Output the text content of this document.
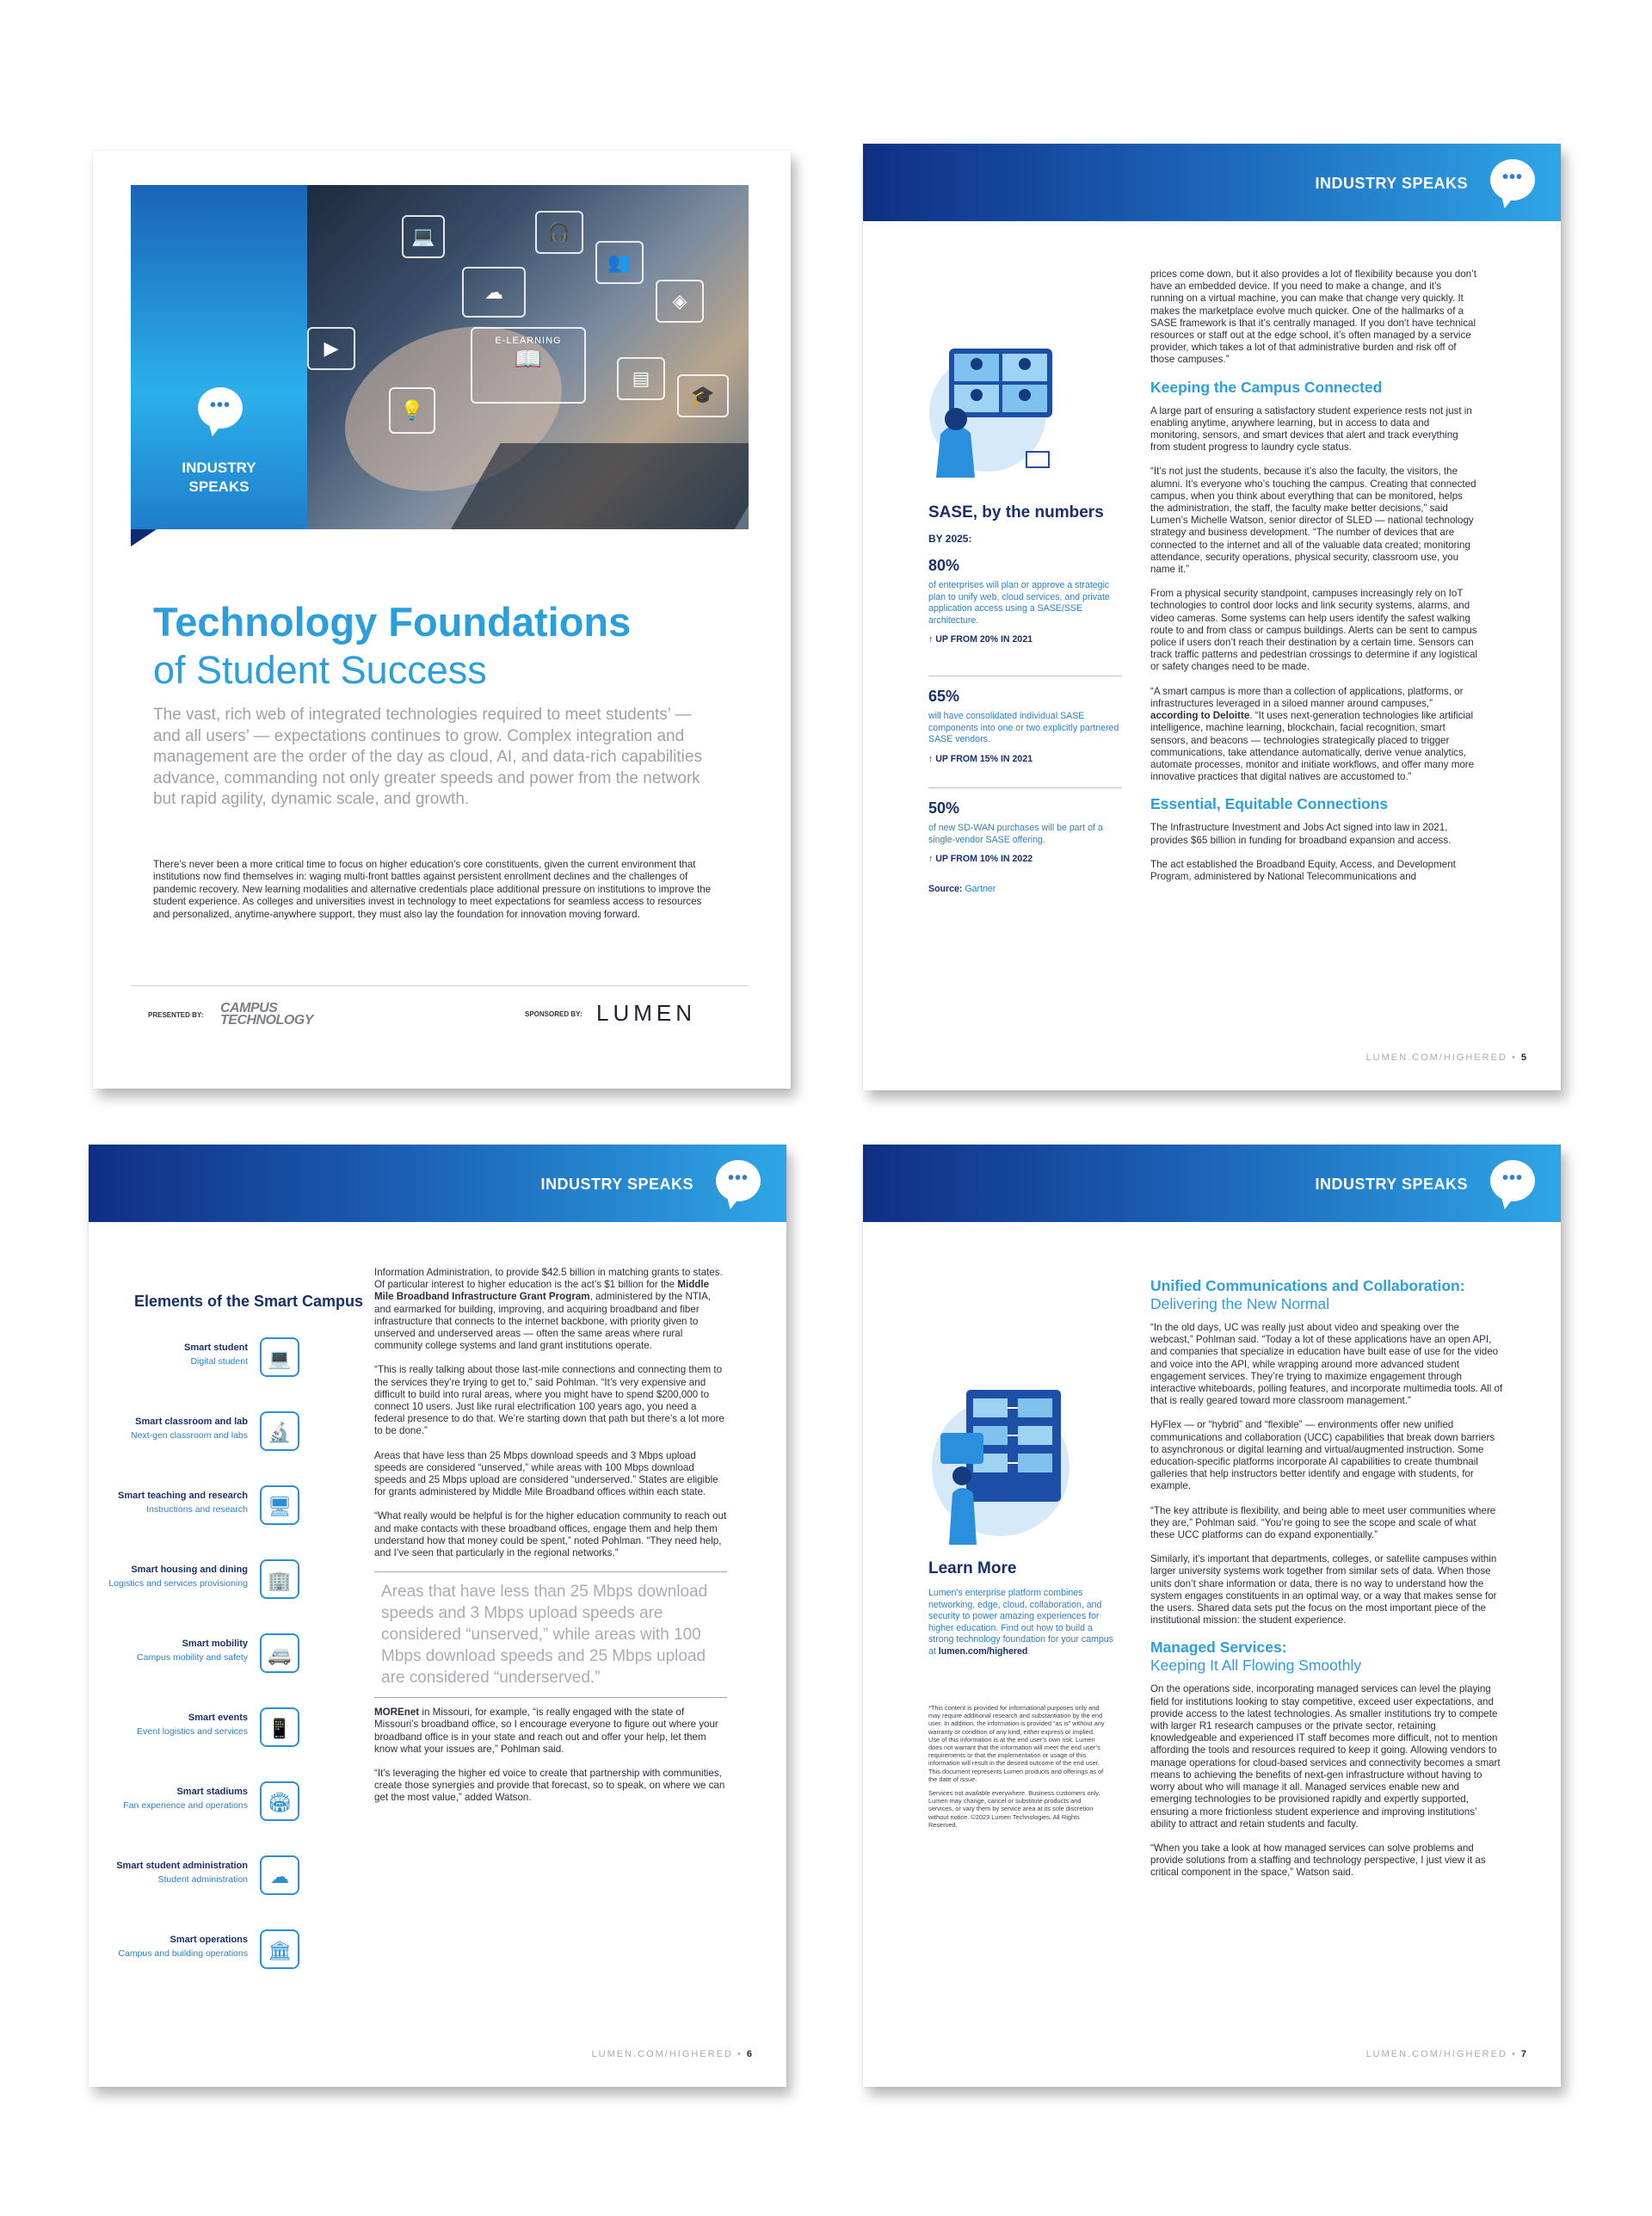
☁
🎧
E-LEARNING
📖
👥
◈
💡
▤
🎓
💻
▶
•••
INDUSTRY
SPEAKS
Technology Foundations
of Student Success
The vast, rich web of integrated technologies required to meet students’ — and all users’ — expectations continues to grow. Complex integration and management are the order of the day as cloud, AI, and data-rich capabilities advance, commanding not only greater speeds and power from the network but rapid agility, dynamic scale, and growth.
There’s never been a more critical time to focus on higher education’s core constituents, given the current environment that institutions now find themselves in: waging multi-front battles against persistent enrollment declines and the challenges of pandemic recovery. New learning modalities and alternative credentials place additional pressure on institutions to improve the student experience. As colleges and universities invest in technology to meet expectations for seamless access to resources and personalized, anytime-anywhere support, they must also lay the foundation for innovation moving forward.
PRESENTED BY: CAMPUS
TECHNOLOGY	SPONSORED BY: LUMEN
INDUSTRY SPEAKS	•••
SASE, by the numbers
BY 2025:
80%
of enterprises will plan or approve a strategic plan to unify web, cloud services, and private application access using a SASE/SSE architecture.
↑ UP FROM 20% IN 2021
65%
will have consolidated individual SASE components into one or two explicitly partnered SASE vendors.
↑ UP FROM 15% IN 2021
50%
of new SD-WAN purchases will be part of a single-vendor SASE offering.
↑ UP FROM 10% IN 2022
Source: Gartner

prices come down, but it also provides a lot of flexibility because you don’t have an embedded device. If you need to make a change, and it’s running on a virtual machine, you can make that change very quickly. It makes the marketplace evolve much quicker. One of the hallmarks of a SASE framework is that it’s centrally managed. If you don’t have technical resources or staff out at the edge school, it’s often managed by a service provider, which takes a lot of that administrative burden and risk off of those campuses.”

Keeping the Campus Connected

A large part of ensuring a satisfactory student experience rests not just in enabling anytime, anywhere learning, but in access to data and monitoring, sensors, and smart devices that alert and track everything from student progress to laundry cycle status.

“It’s not just the students, because it’s also the faculty, the visitors, the alumni. It’s everyone who’s touching the campus. Creating that connected campus, when you think about everything that can be monitored, helps the administration, the staff, the faculty make better decisions,” said Lumen’s Michelle Watson, senior director of SLED — national technology strategy and business development. “The number of devices that are connected to the internet and all of the valuable data created; monitoring attendance, security operations, physical security, classroom use, you name it.”

From a physical security standpoint, campuses increasingly rely on IoT technologies to control door locks and link security systems, alarms, and video cameras. Some systems can help users identify the safest walking route to and from class or campus buildings. Alerts can be sent to campus police if users don’t reach their destination by a certain time. Sensors can track traffic patterns and pedestrian crossings to determine if any logistical or safety changes need to be made.

“A smart campus is more than a collection of applications, platforms, or infrastructures leveraged in a siloed manner around campuses,” according to Deloitte. “It uses next-generation technologies like artificial intelligence, machine learning, blockchain, facial recognition, smart sensors, and beacons — technologies strategically placed to trigger communications, take attendance automatically, derive venue analytics, automate processes, monitor and initiate workflows, and offer many more innovative practices that digital natives are accustomed to.”

Essential, Equitable Connections

The Infrastructure Investment and Jobs Act signed into law in 2021, provides $65 billion in funding for broadband expansion and access.

The act established the Broadband Equity, Access, and Development Program, administered by National Telecommunications and

LUMEN.COM/HIGHERED • 5
INDUSTRY SPEAKS	•••
Elements of the Smart Campus
Smart student
Digital student	💻
Smart classroom and lab
Next-gen classroom and labs	🔬
Smart teaching and research
Instructions and research	🖥
Smart housing and dining
Logistics and services provisioning	🏢
Smart mobility
Campus mobility and safety	🚐
Smart events
Event logistics and services	📱
Smart stadiums
Fan experience and operations	🏟
Smart student administration
Student administration	☁
Smart operations
Campus and building operations	🏛

Information Administration, to provide $42.5 billion in matching grants to states. Of particular interest to higher education is the act’s $1 billion for the Middle Mile Broadband Infrastructure Grant Program, administered by the NTIA, and earmarked for building, improving, and acquiring broadband and fiber infrastructure that connects to the internet backbone, with priority given to unserved and underserved areas — often the same areas where rural community college systems and land grant institutions operate.

“This is really talking about those last-mile connections and connecting them to the services they’re trying to get to,” said Pohlman. “It’s very expensive and difficult to build into rural areas, where you might have to spend $200,000 to connect 10 users. Just like rural electrification 100 years ago, you need a federal presence to do that. We’re starting down that path but there’s a lot more to be done.”

Areas that have less than 25 Mbps download speeds and 3 Mbps upload speeds are considered “unserved,” while areas with 100 Mbps download speeds and 25 Mbps upload are considered “underserved.” States are eligible for grants administered by Middle Mile Broadband offices within each state.

“What really would be helpful is for the higher education community to reach out and make contacts with these broadband offices, engage them and help them understand how that money could be spent,” noted Pohlman. “They need help, and I’ve seen that particularly in the regional networks.”

Areas that have less than 25 Mbps download speeds and 3 Mbps upload speeds are considered “unserved,” while areas with 100 Mbps download speeds and 25 Mbps upload are considered “underserved.”

MOREnet in Missouri, for example, “is really engaged with the state of Missouri’s broadband office, so I encourage everyone to figure out where your broadband office is in your state and reach out and offer your help, let them know what your issues are,” Pohlman said.

“It’s leveraging the higher ed voice to create that partnership with communities, create those synergies and provide that forecast, so to speak, on where we can get the most value,” added Watson.

LUMEN.COM/HIGHERED • 6
INDUSTRY SPEAKS	•••
Learn More
Lumen’s enterprise platform combines networking, edge, cloud, collaboration, and security to power amazing experiences for higher education. Find out how to build a strong technology foundation for your campus at lumen.com/highered.

*This content is provided for informational purposes only and may require additional research and substantiation by the end user. In addition, the information is provided “as is” without any warranty or condition of any kind, either express or implied. Use of this information is at the end user’s own risk. Lumen does not warrant that the information will meet the end user’s requirements or that the implementation or usage of this information will result in the desired outcome of the end user. This document represents Lumen products and offerings as of the date of issue.

Services not available everywhere. Business customers only. Lumen may change, cancel or substitute products and services, or vary them by service area at its sole discretion without notice. ©2023 Lumen Technologies. All Rights Reserved.

Unified Communications and Collaboration:
Delivering the New Normal

“In the old days, UC was really just about video and speaking over the webcast,” Pohlman said. “Today a lot of these applications have an open API, and companies that specialize in education have built ease of use for the video and voice into the API, while wrapping around more advanced student engagement services. They’re trying to maximize engagement through interactive whiteboards, polling features, and incorporate multimedia tools. All of that is really geared toward more classroom management.”

HyFlex — or “hybrid” and “flexible” — environments offer new unified communications and collaboration (UCC) capabilities that break down barriers to asynchronous or digital learning and virtual/augmented instruction. Some education-specific platforms incorporate AI capabilities to create thumbnail galleries that help instructors better identify and engage with students, for example.

“The key attribute is flexibility, and being able to meet user communities where they are,” Pohlman said. “You’re going to see the scope and scale of what these UCC platforms can do expand exponentially.”

Similarly, it’s important that departments, colleges, or satellite campuses within larger university systems work together from similar sets of data. When those units don’t share information or data, there is no way to understand how the system engages constituents in an optimal way, or a way that makes sense for the users. Shared data sets put the focus on the most important piece of the institutional mission: the student experience.

Managed Services:
Keeping It All Flowing Smoothly

On the operations side, incorporating managed services can level the playing field for institutions looking to stay competitive, exceed user expectations, and provide access to the latest technologies. As smaller institutions try to compete with larger R1 research campuses or the private sector, retaining knowledgeable and experienced IT staff becomes more difficult, not to mention affording the tools and resources required to keep it going. Allowing vendors to manage operations for cloud-based services and connectivity becomes a smart means to achieving the benefits of next-gen infrastructure without having to worry about who will manage it all. Managed services enable new and emerging technologies to be provisioned rapidly and expertly supported, ensuring a more frictionless student experience and improving institutions’ ability to attract and retain students and faculty.

“When you take a look at how managed services can solve problems and provide solutions from a staffing and technology perspective, I just view it as critical component in the space,” Watson said.

LUMEN.COM/HIGHERED • 7
